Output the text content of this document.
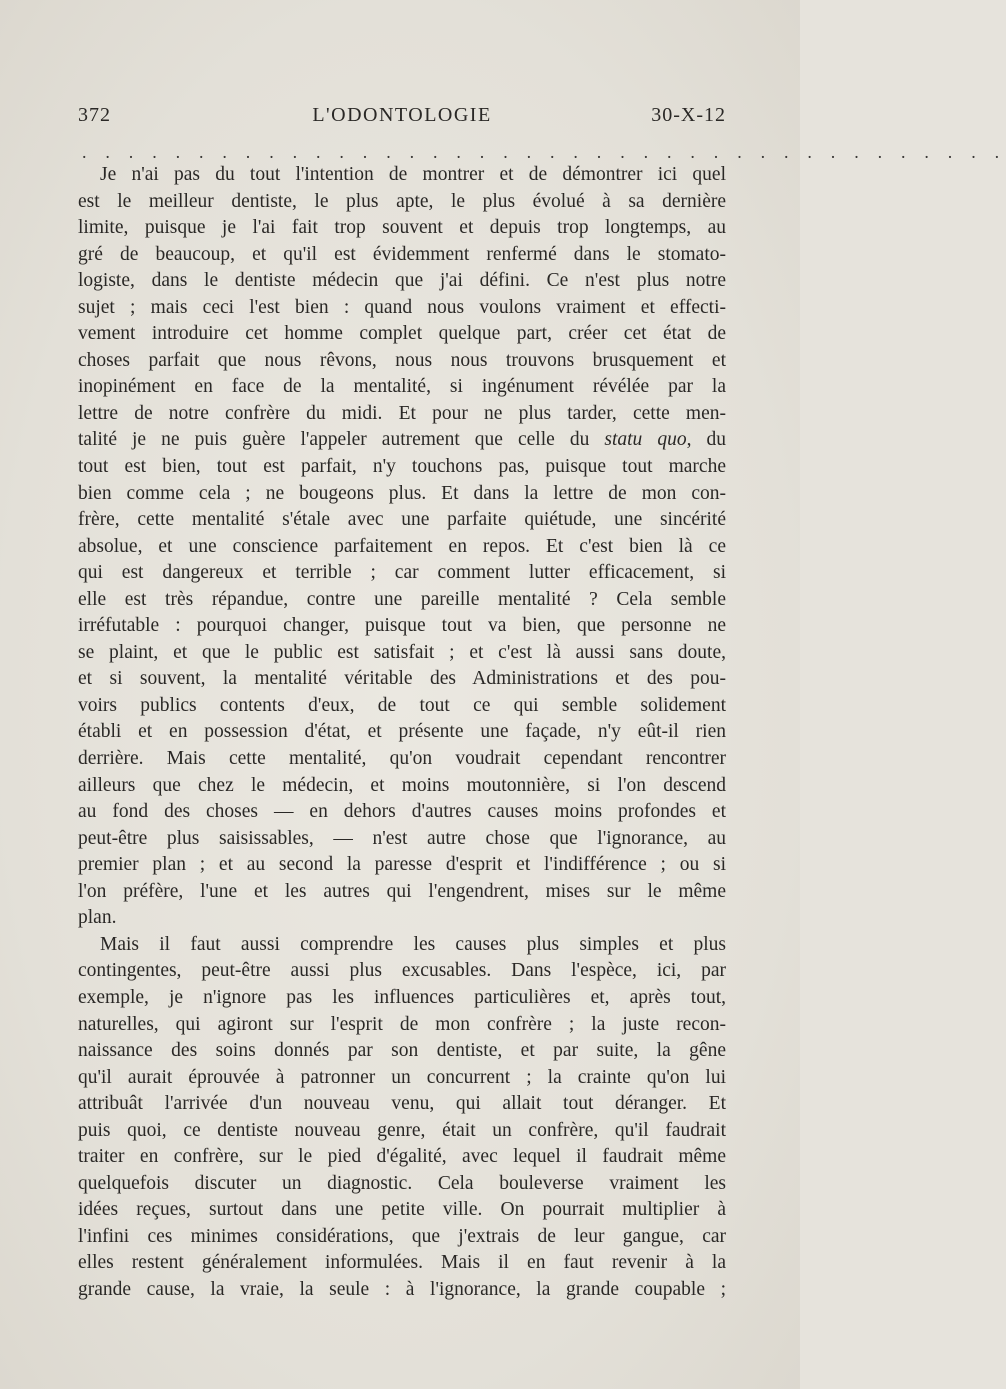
372	L'ODONTOLOGIE	30-X-12
. . . . . . . . . . . . . . . . . . . . . . . . . . . . . . . . . . . . . . . .
Je n'ai pas du tout l'intention de montrer et de démontrer ici quel
est le meilleur dentiste, le plus apte, le plus évolué à sa dernière
limite, puisque je l'ai fait trop souvent et depuis trop longtemps, au
gré de beaucoup, et qu'il est évidemment renfermé dans le stomato-
logiste, dans le dentiste médecin que j'ai défini. Ce n'est plus notre
sujet ; mais ceci l'est bien : quand nous voulons vraiment et effecti-
vement introduire cet homme complet quelque part, créer cet état de
choses parfait que nous rêvons, nous nous trouvons brusquement et
inopinément en face de la mentalité, si ingénument révélée par la
lettre de notre confrère du midi. Et pour ne plus tarder, cette men-
talité je ne puis guère l'appeler autrement que celle du statu quo, du
tout est bien, tout est parfait, n'y touchons pas, puisque tout marche
bien comme cela ; ne bougeons plus. Et dans la lettre de mon con-
frère, cette mentalité s'étale avec une parfaite quiétude, une sincérité
absolue, et une conscience parfaitement en repos. Et c'est bien là ce
qui est dangereux et terrible ; car comment lutter efficacement, si
elle est très répandue, contre une pareille mentalité ? Cela semble
irréfutable : pourquoi changer, puisque tout va bien, que personne ne
se plaint, et que le public est satisfait ; et c'est là aussi sans doute,
et si souvent, la mentalité véritable des Administrations et des pou-
voirs publics contents d'eux, de tout ce qui semble solidement
établi et en possession d'état, et présente une façade, n'y eût-il rien
derrière. Mais cette mentalité, qu'on voudrait cependant rencontrer
ailleurs que chez le médecin, et moins moutonnière, si l'on descend
au fond des choses — en dehors d'autres causes moins profondes et
peut-être plus saisissables, — n'est autre chose que l'ignorance, au
premier plan ; et au second la paresse d'esprit et l'indifférence ; ou si
l'on préfère, l'une et les autres qui l'engendrent, mises sur le même
plan.
Mais il faut aussi comprendre les causes plus simples et plus
contingentes, peut-être aussi plus excusables. Dans l'espèce, ici, par
exemple, je n'ignore pas les influences particulières et, après tout,
naturelles, qui agiront sur l'esprit de mon confrère ; la juste recon-
naissance des soins donnés par son dentiste, et par suite, la gêne
qu'il aurait éprouvée à patronner un concurrent ; la crainte qu'on lui
attribuât l'arrivée d'un nouveau venu, qui allait tout déranger. Et
puis quoi, ce dentiste nouveau genre, était un confrère, qu'il faudrait
traiter en confrère, sur le pied d'égalité, avec lequel il faudrait même
quelquefois discuter un diagnostic. Cela bouleverse vraiment les
idées reçues, surtout dans une petite ville. On pourrait multiplier à
l'infini ces minimes considérations, que j'extrais de leur gangue, car
elles restent généralement informulées. Mais il en faut revenir à la
grande cause, la vraie, la seule : à l'ignorance, la grande coupable ;
